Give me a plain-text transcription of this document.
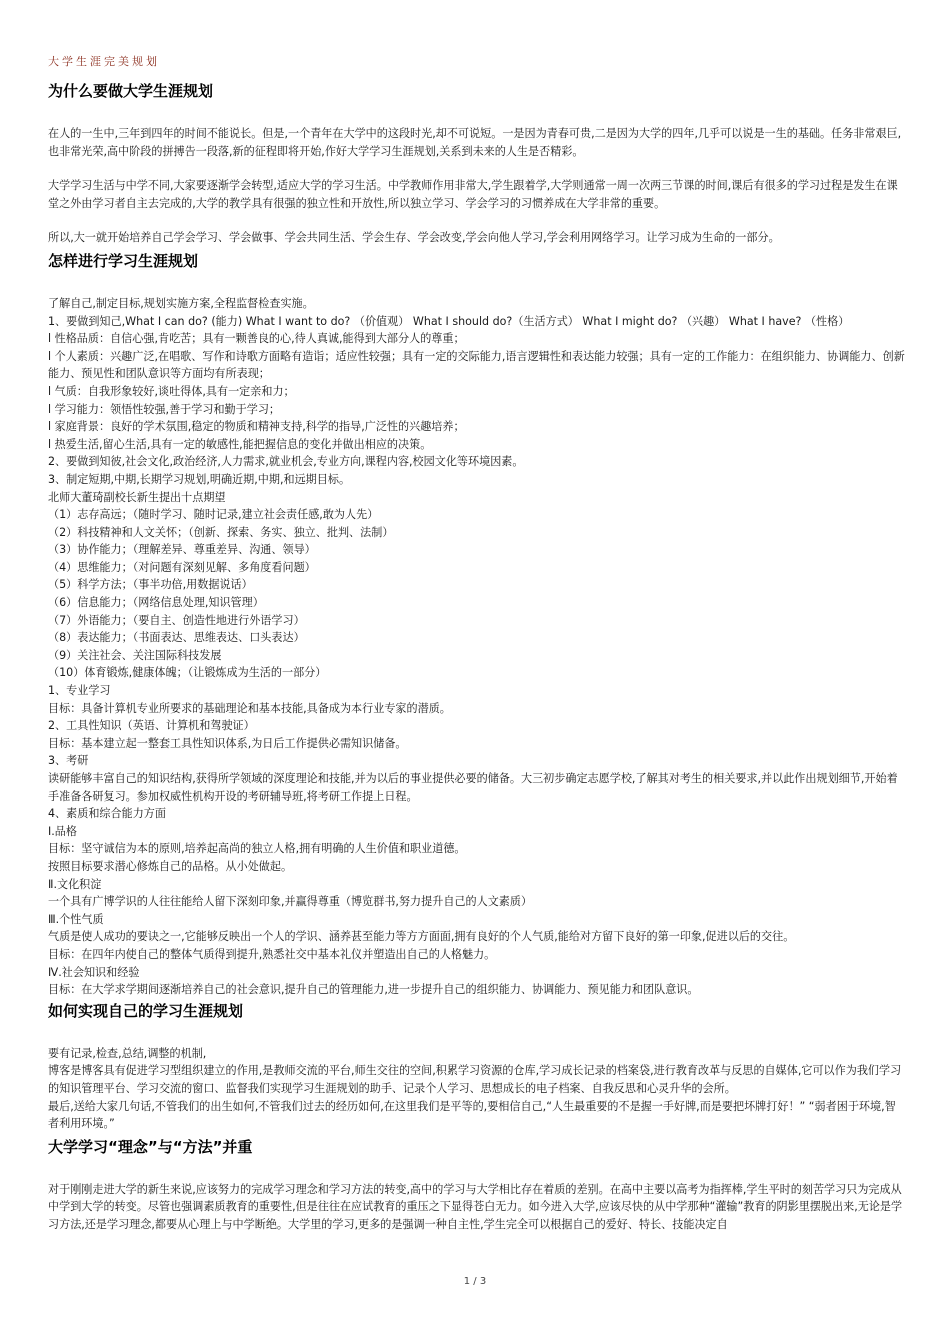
大学生涯完美规划
为什么要做大学生涯规划

在人的一生中,三年到四年的时间不能说长。但是,一个青年在大学中的这段时光,却不可说短。一是因为青春可贵,二是因为大学的四年,几乎可以说是一生的基础。任务非常艰巨,也非常光荣,高中阶段的拼搏告一段落,新的征程即将开始,作好大学学习生涯规划,关系到未来的人生是否精彩。

大学学习生活与中学不同,大家要逐渐学会转型,适应大学的学习生活。中学教师作用非常大,学生跟着学,大学则通常一周一次两三节课的时间,课后有很多的学习过程是发生在课堂之外由学习者自主去完成的,大学的教学具有很强的独立性和开放性,所以独立学习、学会学习的习惯养成在大学非常的重要。

所以,大一就开始培养自己学会学习、学会做事、学会共同生活、学会生存、学会改变,学会向他人学习,学会利用网络学习。让学习成为生命的一部分。

怎样进行学习生涯规划
了解自己,制定目标,规划实施方案,全程监督检查实施。
1、要做到知己,What I can do? (能力) What I want to do? （价值观） What I should do?（生活方式） What I might do? （兴趣） What I have? （性格）
l 性格品质：自信心强,肯吃苦；具有一颗善良的心,待人真诚,能得到大部分人的尊重；
l 个人素质：兴趣广泛,在唱歌、写作和诗歌方面略有造诣；适应性较强；具有一定的交际能力,语言逻辑性和表达能力较强；具有一定的工作能力：在组织能力、协调能力、创新能力、预见性和团队意识等方面均有所表现；
l 气质：自我形象较好,谈吐得体,具有一定亲和力；
l 学习能力：领悟性较强,善于学习和勤于学习；
l 家庭背景：良好的学术氛围,稳定的物质和精神支持,科学的指导,广泛性的兴趣培养；
l 热爱生活,留心生活,具有一定的敏感性,能把握信息的变化并做出相应的决策。
2、要做到知彼,社会文化,政治经济,人力需求,就业机会,专业方向,课程内容,校园文化等环境因素。
3、制定短期,中期,长期学习规划,明确近期,中期,和远期目标。
北师大董琦副校长新生提出十点期望
（1）志存高远；（随时学习、随时记录,建立社会责任感,敢为人先）
（2）科技精神和人文关怀；（创新、探索、务实、独立、批判、法制）
（3）协作能力；（理解差异、尊重差异、沟通、领导）
（4）思维能力；（对问题有深刻见解、多角度看问题）
（5）科学方法；（事半功倍,用数据说话）
（6）信息能力；（网络信息处理,知识管理）
（7）外语能力；（要自主、创造性地进行外语学习）
（8）表达能力；（书面表达、思维表达、口头表达）
（9）关注社会、关注国际科技发展
（10）体育锻炼,健康体魄；（让锻炼成为生活的一部分）
1、专业学习
目标：具备计算机专业所要求的基础理论和基本技能,具备成为本行业专家的潜质。
2、工具性知识（英语、计算机和驾驶证）
目标：基本建立起一整套工具性知识体系,为日后工作提供必需知识储备。
3、考研
读研能够丰富自己的知识结构,获得所学领域的深度理论和技能,并为以后的事业提供必要的储备。大三初步确定志愿学校,了解其对考生的相关要求,并以此作出规划细节,开始着手准备各研复习。参加权威性机构开设的考研辅导班,将考研工作提上日程。
4、素质和综合能力方面
Ⅰ.品格
目标：坚守诚信为本的原则,培养起高尚的独立人格,拥有明确的人生价值和职业道德。
按照目标要求潜心修炼自己的品格。从小处做起。
Ⅱ.文化积淀
一个具有广博学识的人往往能给人留下深刻印象,并赢得尊重（博览群书,努力提升自己的人文素质）
Ⅲ.个性气质
气质是使人成功的要诀之一,它能够反映出一个人的学识、涵养甚至能力等方方面面,拥有良好的个人气质,能给对方留下良好的第一印象,促进以后的交往。
目标：在四年内使自己的整体气质得到提升,熟悉社交中基本礼仪并塑造出自己的人格魅力。
Ⅳ.社会知识和经验
目标：在大学求学期间逐渐培养自己的社会意识,提升自己的管理能力,进一步提升自己的组织能力、协调能力、预见能力和团队意识。
如何实现自己的学习生涯规划
要有记录,检查,总结,调整的机制,
博客是博客具有促进学习型组织建立的作用,是教师交流的平台,师生交往的空间,积累学习资源的仓库,学习成长记录的档案袋,进行教育改革与反思的自媒体,它可以作为我们学习的知识管理平台、学习交流的窗口、监督我们实现学习生涯规划的助手、记录个人学习、思想成长的电子档案、自我反思和心灵升华的会所。
最后,送给大家几句话,不管我们的出生如何,不管我们过去的经历如何,在这里我们是平等的,要相信自己,“人生最重要的不是握一手好牌,而是要把坏牌打好！” “弱者困于环境,智者利用环境。”
大学学习“理念”与“方法”并重
对于刚刚走进大学的新生来说,应该努力的完成学习理念和学习方法的转变,高中的学习与大学相比存在着质的差别。在高中主要以高考为指挥棒,学生平时的刻苦学习只为完成从中学到大学的转变。尽管也强调素质教育的重要性,但是往往在应试教育的重压之下显得苍白无力。如今进入大学,应该尽快的从中学那种“灌输”教育的阴影里摆脱出来,无论是学习方法,还是学习理念,都要从心理上与中学断绝。大学里的学习,更多的是强调一种自主性,学生完全可以根据自己的爱好、特长、技能决定自
1 / 3
